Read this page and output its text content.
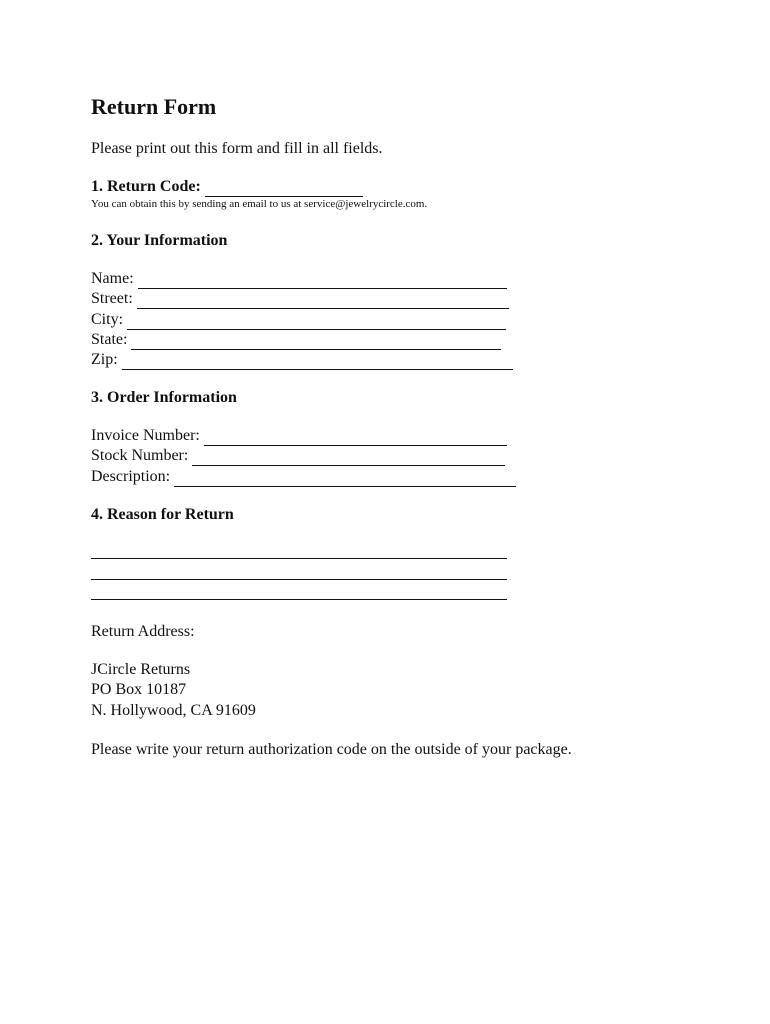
Return Form
Please print out this form and fill in all fields.
1. Return Code:
You can obtain this by sending an email to us at service@jewelrycircle.com.
2. Your Information
Name:
Street:
City:
State:
Zip:
3. Order Information
Invoice Number:
Stock Number:
Description:
4. Reason for Return
Return Address:
JCircle Returns
PO Box 10187
N. Hollywood, CA 91609
Please write your return authorization code on the outside of your package.
